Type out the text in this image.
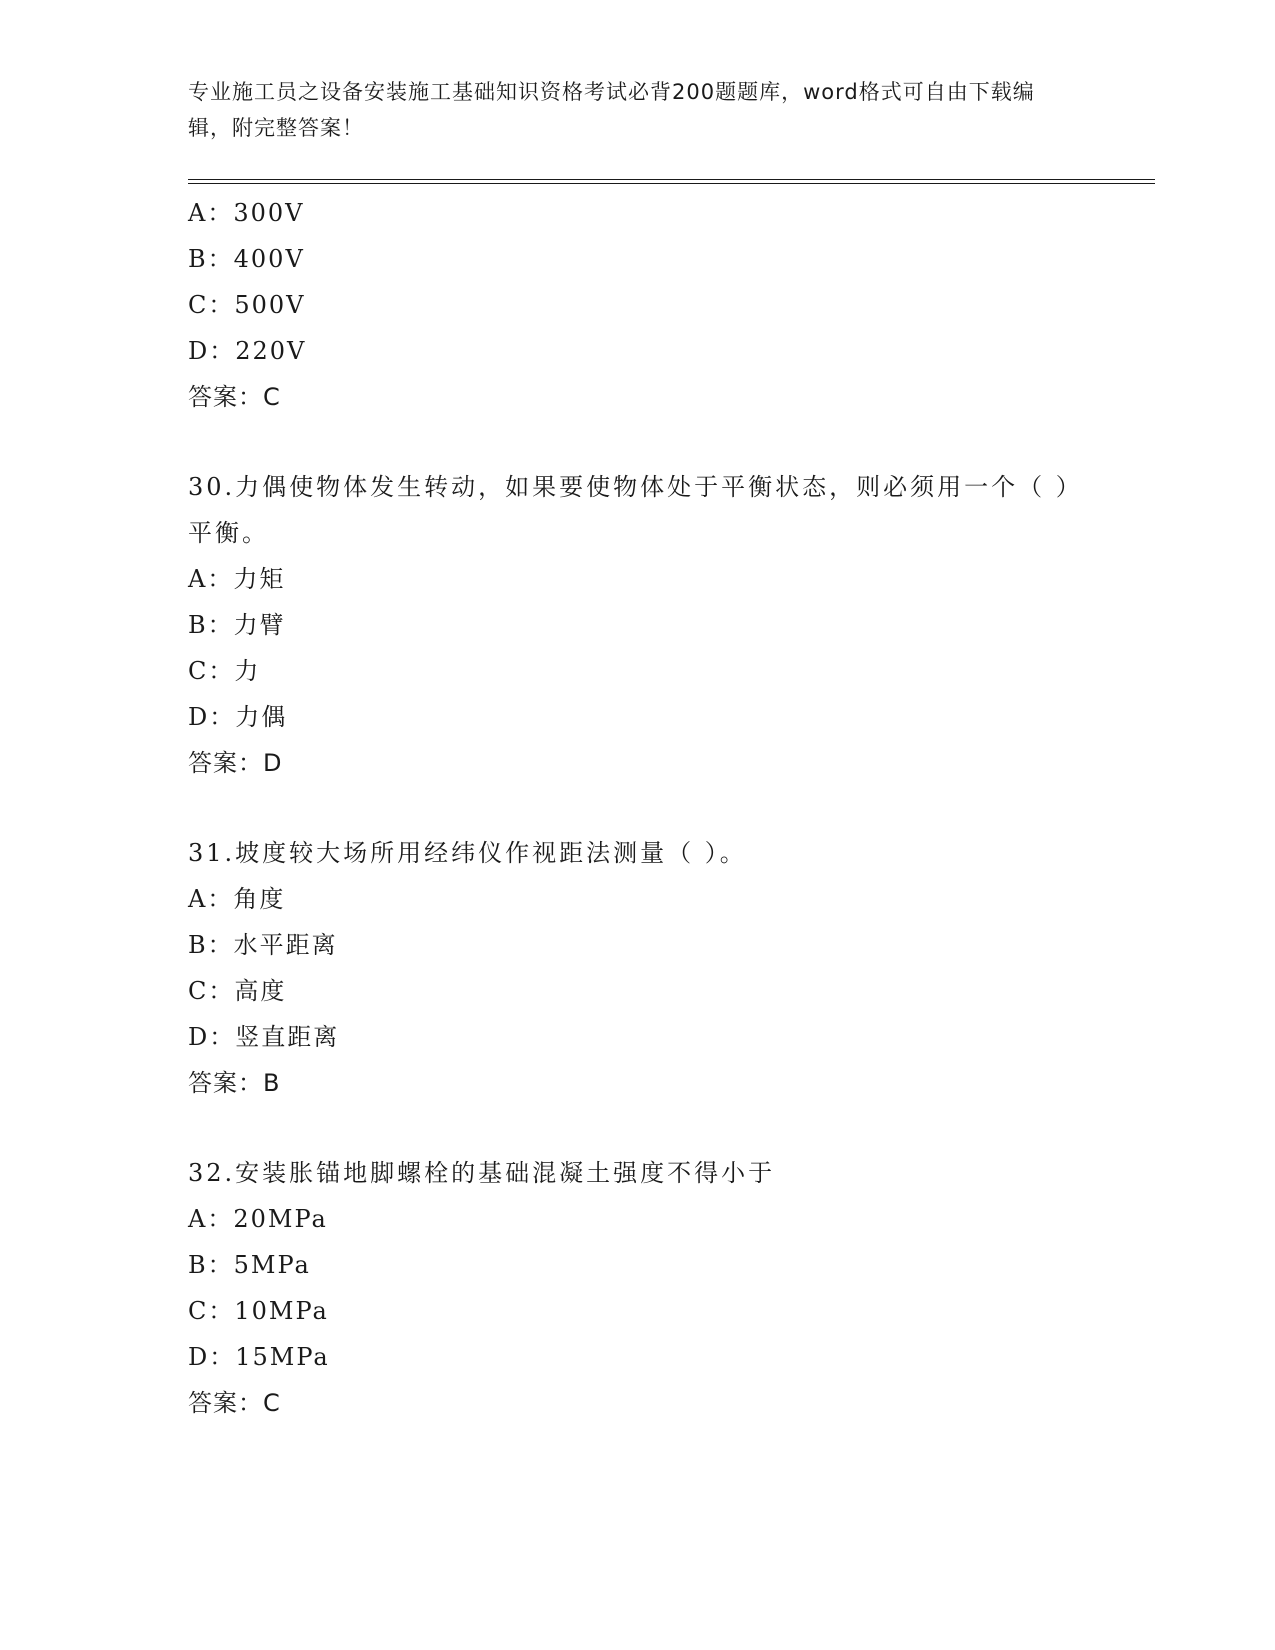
专业施工员之设备安装施工基础知识资格考试必背200题题库，word格式可自由下载编辑，附完整答案！
A：300V
B：400V
C：500V
D：220V
答案：C
30.力偶使物体发生转动，如果要使物体处于平衡状态，则必须用一个（ ）平衡。
A：力矩
B：力臂
C：力
D：力偶
答案：D
31.坡度较大场所用经纬仪作视距法测量（ ）。
A：角度
B：水平距离
C：高度
D：竖直距离
答案：B
32.安装胀锚地脚螺栓的基础混凝土强度不得小于
A：20MPa
B：5MPa
C：10MPa
D：15MPa
答案：C
